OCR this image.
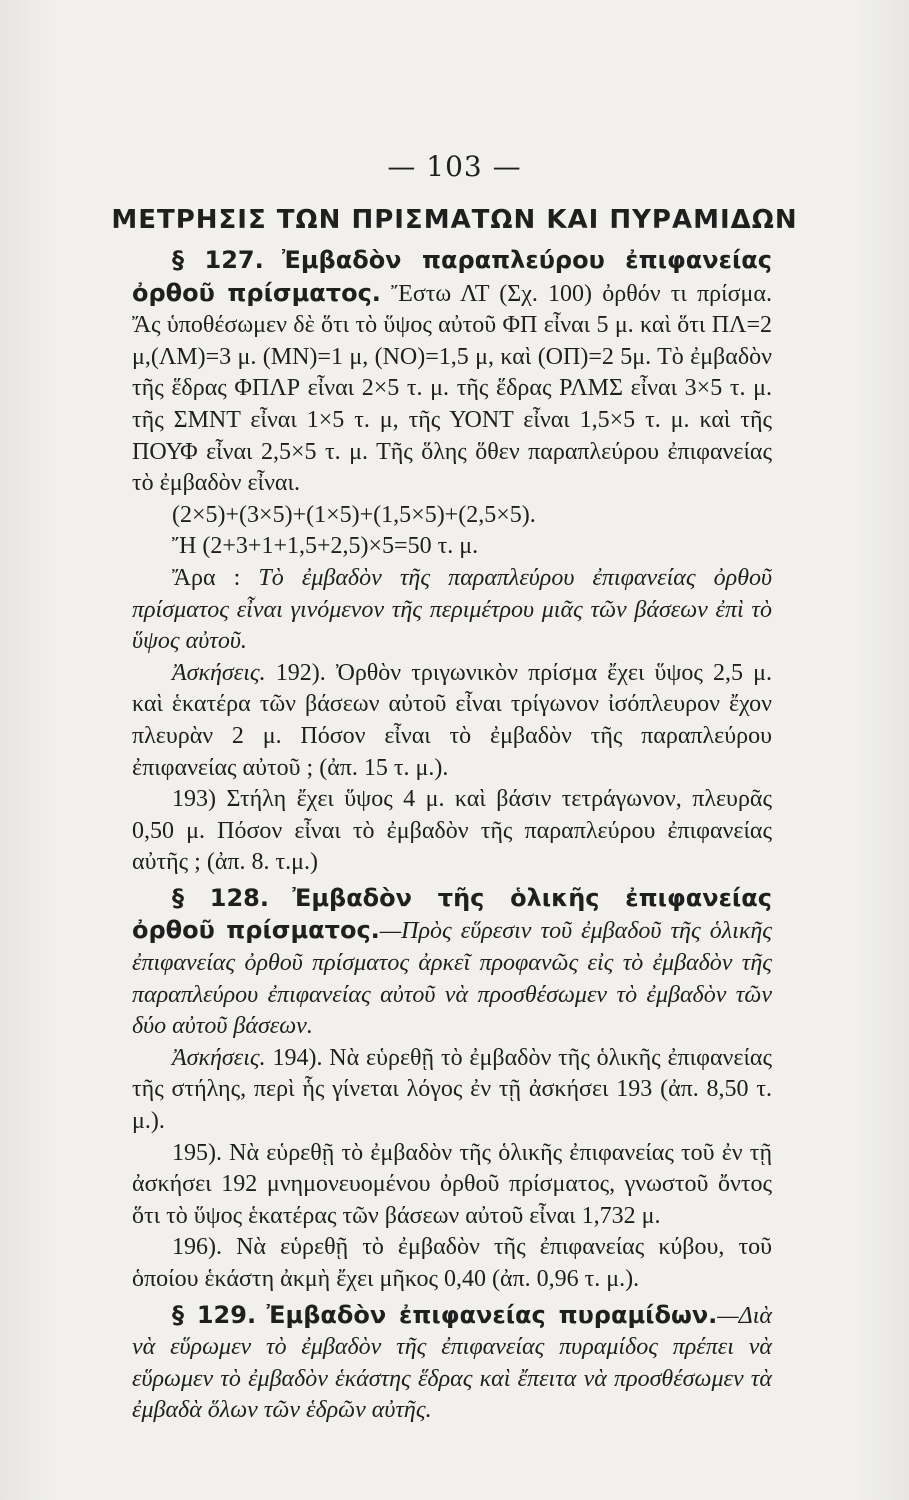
— 103 —
ΜΕΤΡΗΣΙΣ ΤΩΝ ΠΡΙΣΜΑΤΩΝ ΚΑΙ ΠΥΡΑΜΙΔΩΝ

§ 127. Ἐμβαδὸν παραπλεύρου ἐπιφανείας ὀρθοῦ πρίσματος. Ἔστω ΛΤ (Σχ. 100) ὀρθόν τι πρίσμα. Ἄς ὑποθέσωμεν δὲ ὅτι τὸ ὕψος αὐτοῦ ΦΠ εἶναι 5 μ. καὶ ὅτι ΠΛ=2 μ,(ΛΜ)=3 μ. (ΜΝ)=1 μ, (ΝΟ)=1,5 μ, καὶ (ΟΠ)=2 5μ. Τὸ ἐμβαδὸν τῆς ἕδρας ΦΠΛΡ εἶναι 2×5 τ. μ. τῆς ἕδρας ΡΛΜΣ εἶναι 3×5 τ. μ. τῆς ΣΜΝΤ εἶναι 1×5 τ. μ, τῆς ΥΟΝΤ εἶναι 1,5×5 τ. μ. καὶ τῆς ΠΟΥΦ εἶναι 2,5×5 τ. μ. Τῆς ὅλης ὅθεν παραπλεύρου ἐπιφανείας τὸ ἐμβαδὸν εἶναι.

(2×5)+(3×5)+(1×5)+(1,5×5)+(2,5×5).

Ἤ (2+3+1+1,5+2,5)×5=50 τ. μ.

Ἄρα : Τὸ ἐμβαδὸν τῆς παραπλεύρου ἐπιφανείας ὀρθοῦ πρίσματος εἶναι γινόμενον τῆς περιμέτρου μιᾶς τῶν βάσεων ἐπὶ τὸ ὕψος αὐτοῦ.

Ἀσκήσεις. 192). Ὀρθὸν τριγωνικὸν πρίσμα ἔχει ὕψος 2,5 μ. καὶ ἑκατέρα τῶν βάσεων αὐτοῦ εἶναι τρίγωνον ἰσόπλευρον ἔχον πλευρὰν 2 μ. Πόσον εἶναι τὸ ἐμβαδὸν τῆς παραπλεύρου ἐπιφανείας αὐτοῦ ; (ἀπ. 15 τ. μ.).

193) Στήλη ἔχει ὕψος 4 μ. καὶ βάσιν τετράγωνον, πλευρᾶς 0,50 μ. Πόσον εἶναι τὸ ἐμβαδὸν τῆς παραπλεύρου ἐπιφανείας αὐτῆς ; (ἀπ. 8. τ.μ.)

§ 128. Ἐμβαδὸν τῆς ὁλικῆς ἐπιφανείας ὀρθοῦ πρίσματος.—Πρὸς εὕρεσιν τοῦ ἐμβαδοῦ τῆς ὁλικῆς ἐπιφανείας ὀρθοῦ πρίσματος ἀρκεῖ προφανῶς εἰς τὸ ἐμβαδὸν τῆς παραπλεύρου ἐπιφανείας αὐτοῦ νὰ προσθέσωμεν τὸ ἐμβαδὸν τῶν δύο αὐτοῦ βάσεων.

Ἀσκήσεις. 194). Νὰ εὑρεθῇ τὸ ἐμβαδὸν τῆς ὁλικῆς ἐπιφανείας τῆς στήλης, περὶ ἧς γίνεται λόγος ἐν τῇ ἀσκήσει 193 (ἀπ. 8,50 τ. μ.).

195). Νὰ εὑρεθῇ τὸ ἐμβαδὸν τῆς ὁλικῆς ἐπιφανείας τοῦ ἐν τῇ ἀσκήσει 192 μνημονευομένου ὀρθοῦ πρίσματος, γνωστοῦ ὄντος ὅτι τὸ ὕψος ἑκατέρας τῶν βάσεων αὐτοῦ εἶναι 1,732 μ.

196). Νὰ εὑρεθῇ τὸ ἐμβαδὸν τῆς ἐπιφανείας κύβου, τοῦ ὁποίου ἑκάστη ἀκμὴ ἔχει μῆκος 0,40 (ἀπ. 0,96 τ. μ.).

§ 129. Ἐμβαδὸν ἐπιφανείας πυραμίδων.—Διὰ νὰ εὕρωμεν τὸ ἐμβαδὸν τῆς ἐπιφανείας πυραμίδος πρέπει νὰ εὕρωμεν τὸ ἐμβαδὸν ἑκάστης ἕδρας καὶ ἔπειτα νὰ προσθέσωμεν τὰ ἐμβαδὰ ὅλων τῶν ἑδρῶν αὐτῆς.
